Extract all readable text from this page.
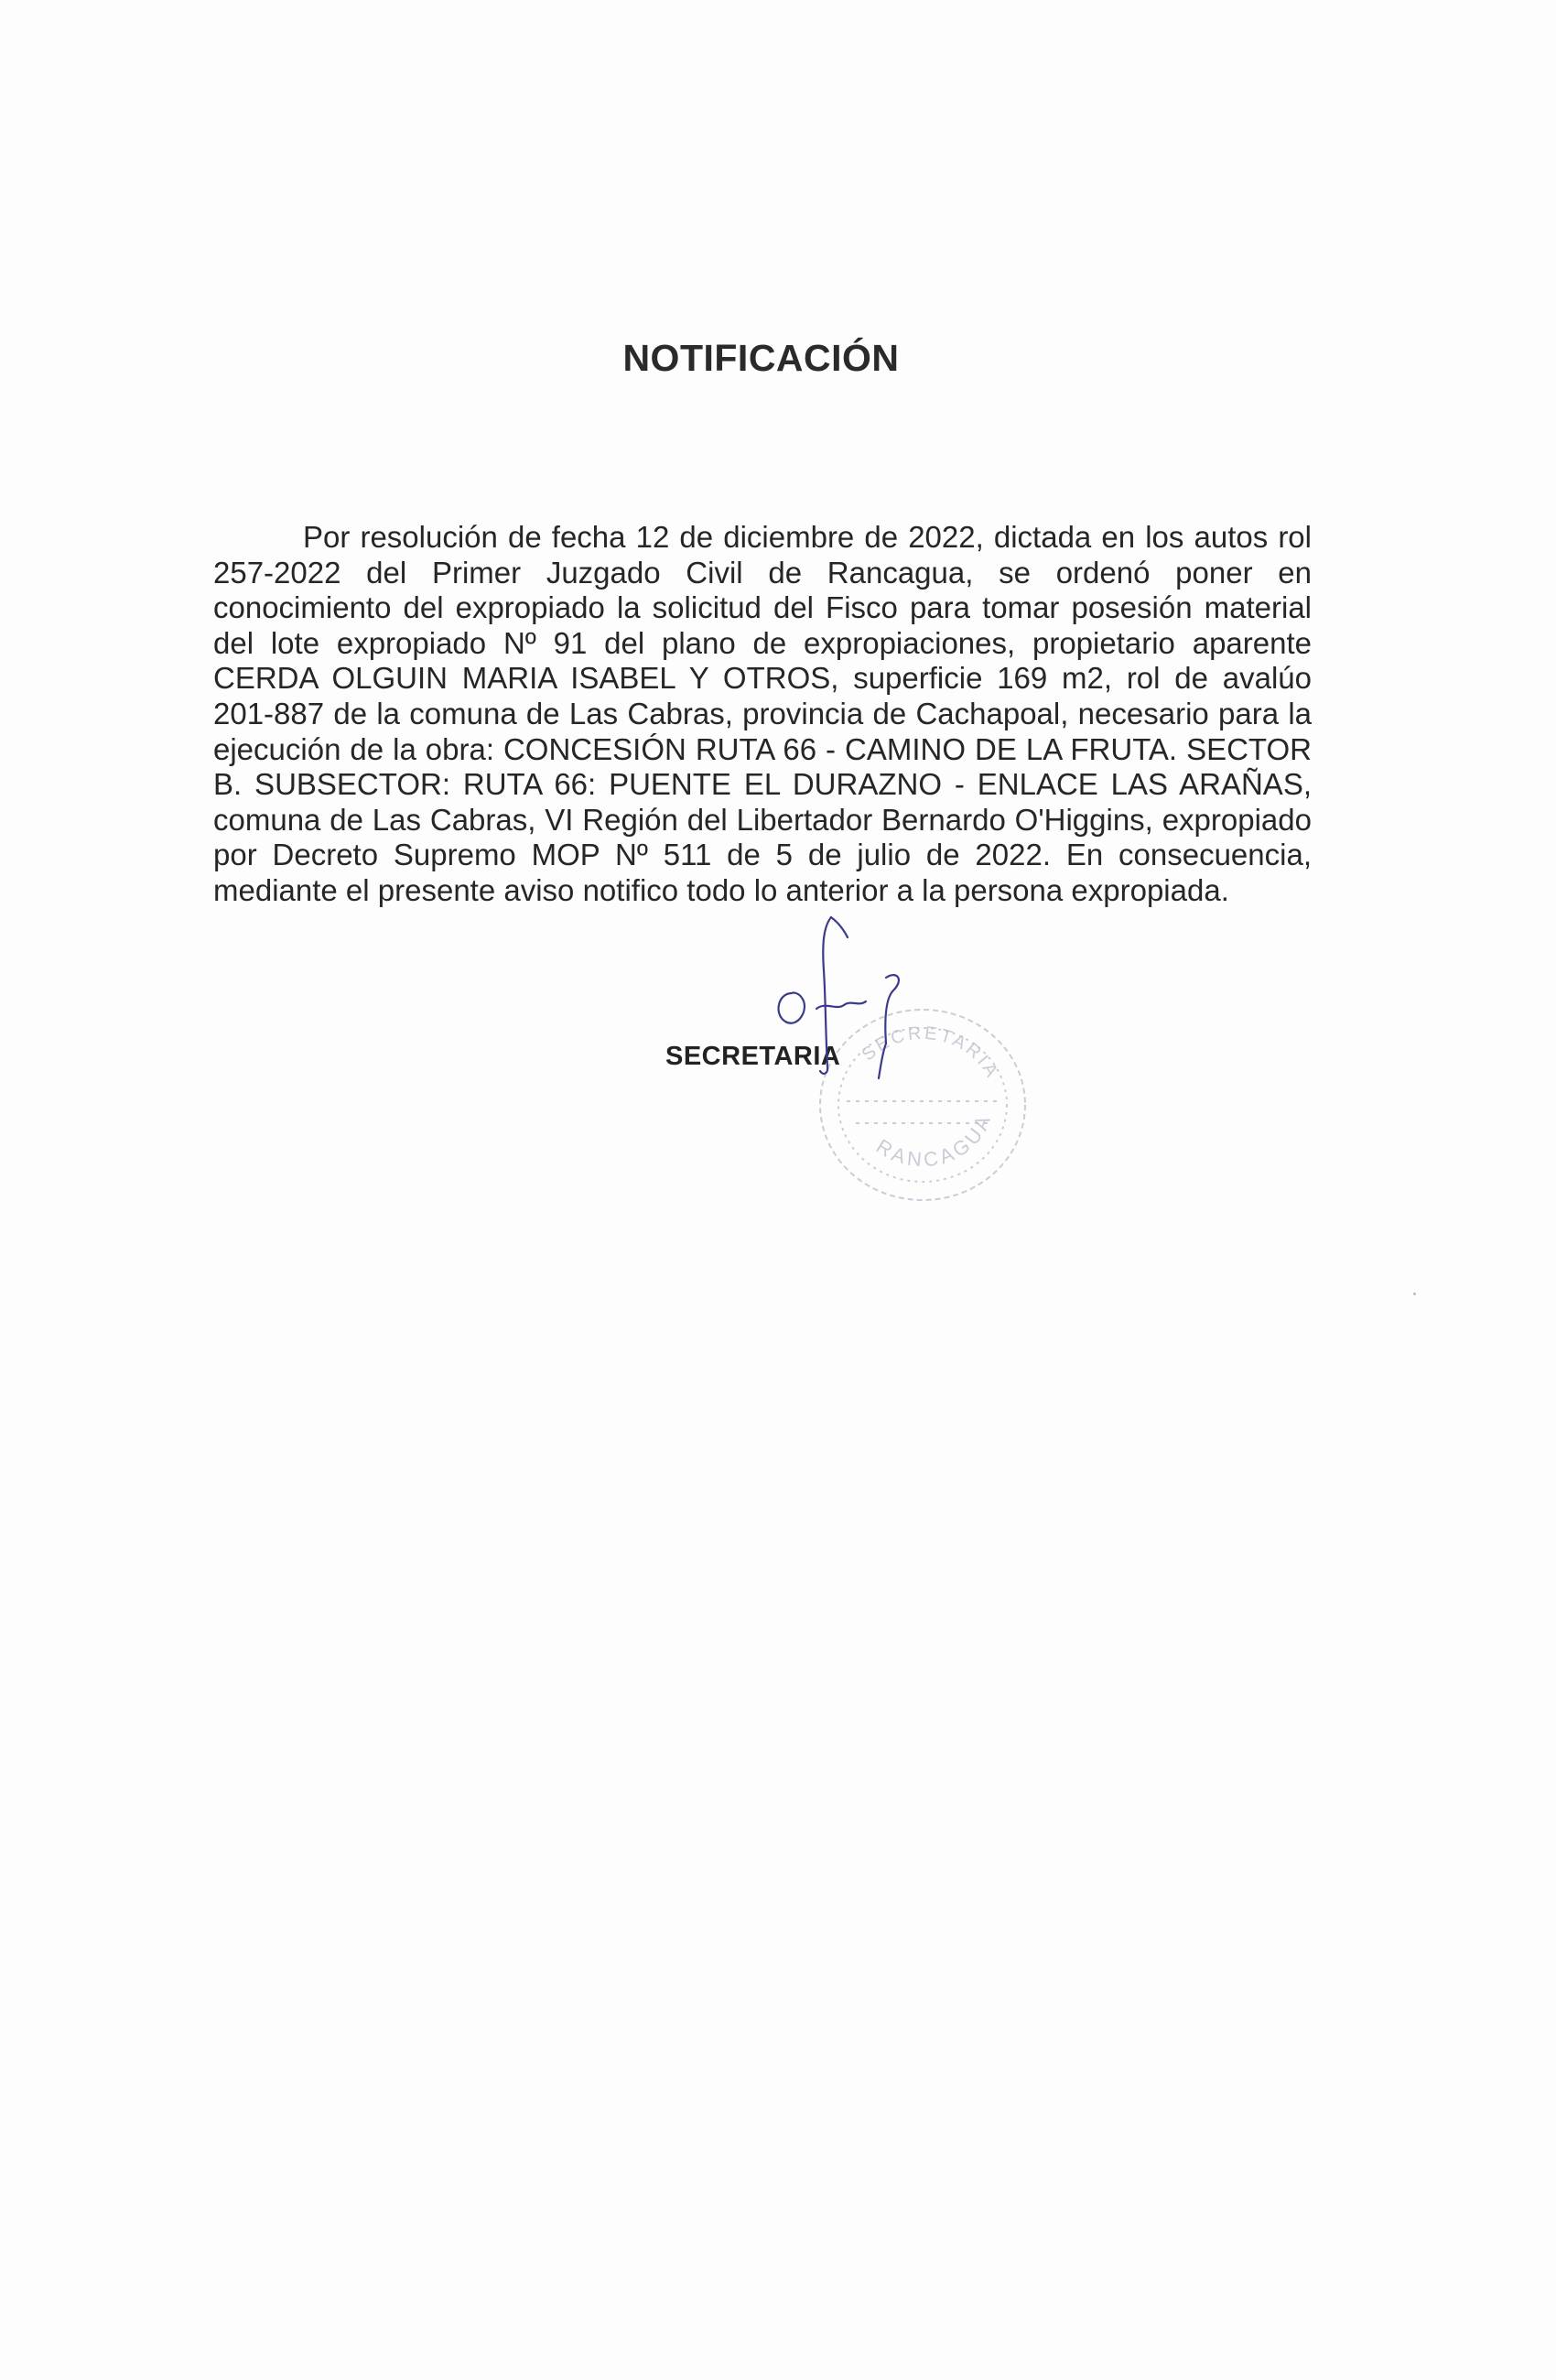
NOTIFICACIÓN

Por resolución de fecha 12 de diciembre de 2022, dictada en los autos rol 257-2022 del Primer Juzgado Civil de Rancagua, se ordenó poner en conocimiento del expropiado la solicitud del Fisco para tomar posesión material del lote expropiado Nº 91 del plano de expropiaciones, propietario aparente CERDA OLGUIN MARIA ISABEL Y OTROS, superficie 169 m2, rol de avalúo 201-887 de la comuna de Las Cabras, provincia de Cachapoal, necesario para la ejecución de la obra: CONCESIÓN RUTA 66 - CAMINO DE LA FRUTA. SECTOR B. SUBSECTOR: RUTA 66: PUENTE EL DURAZNO - ENLACE LAS ARAÑAS, comuna de Las Cabras, VI Región del Libertador Bernardo O'Higgins, expropiado por Decreto Supremo MOP Nº 511 de 5 de julio de 2022. En consecuencia, mediante el presente aviso notifico todo lo anterior a la persona expropiada.

SECRETARIA
RANCAGUA
SECRETARIA
